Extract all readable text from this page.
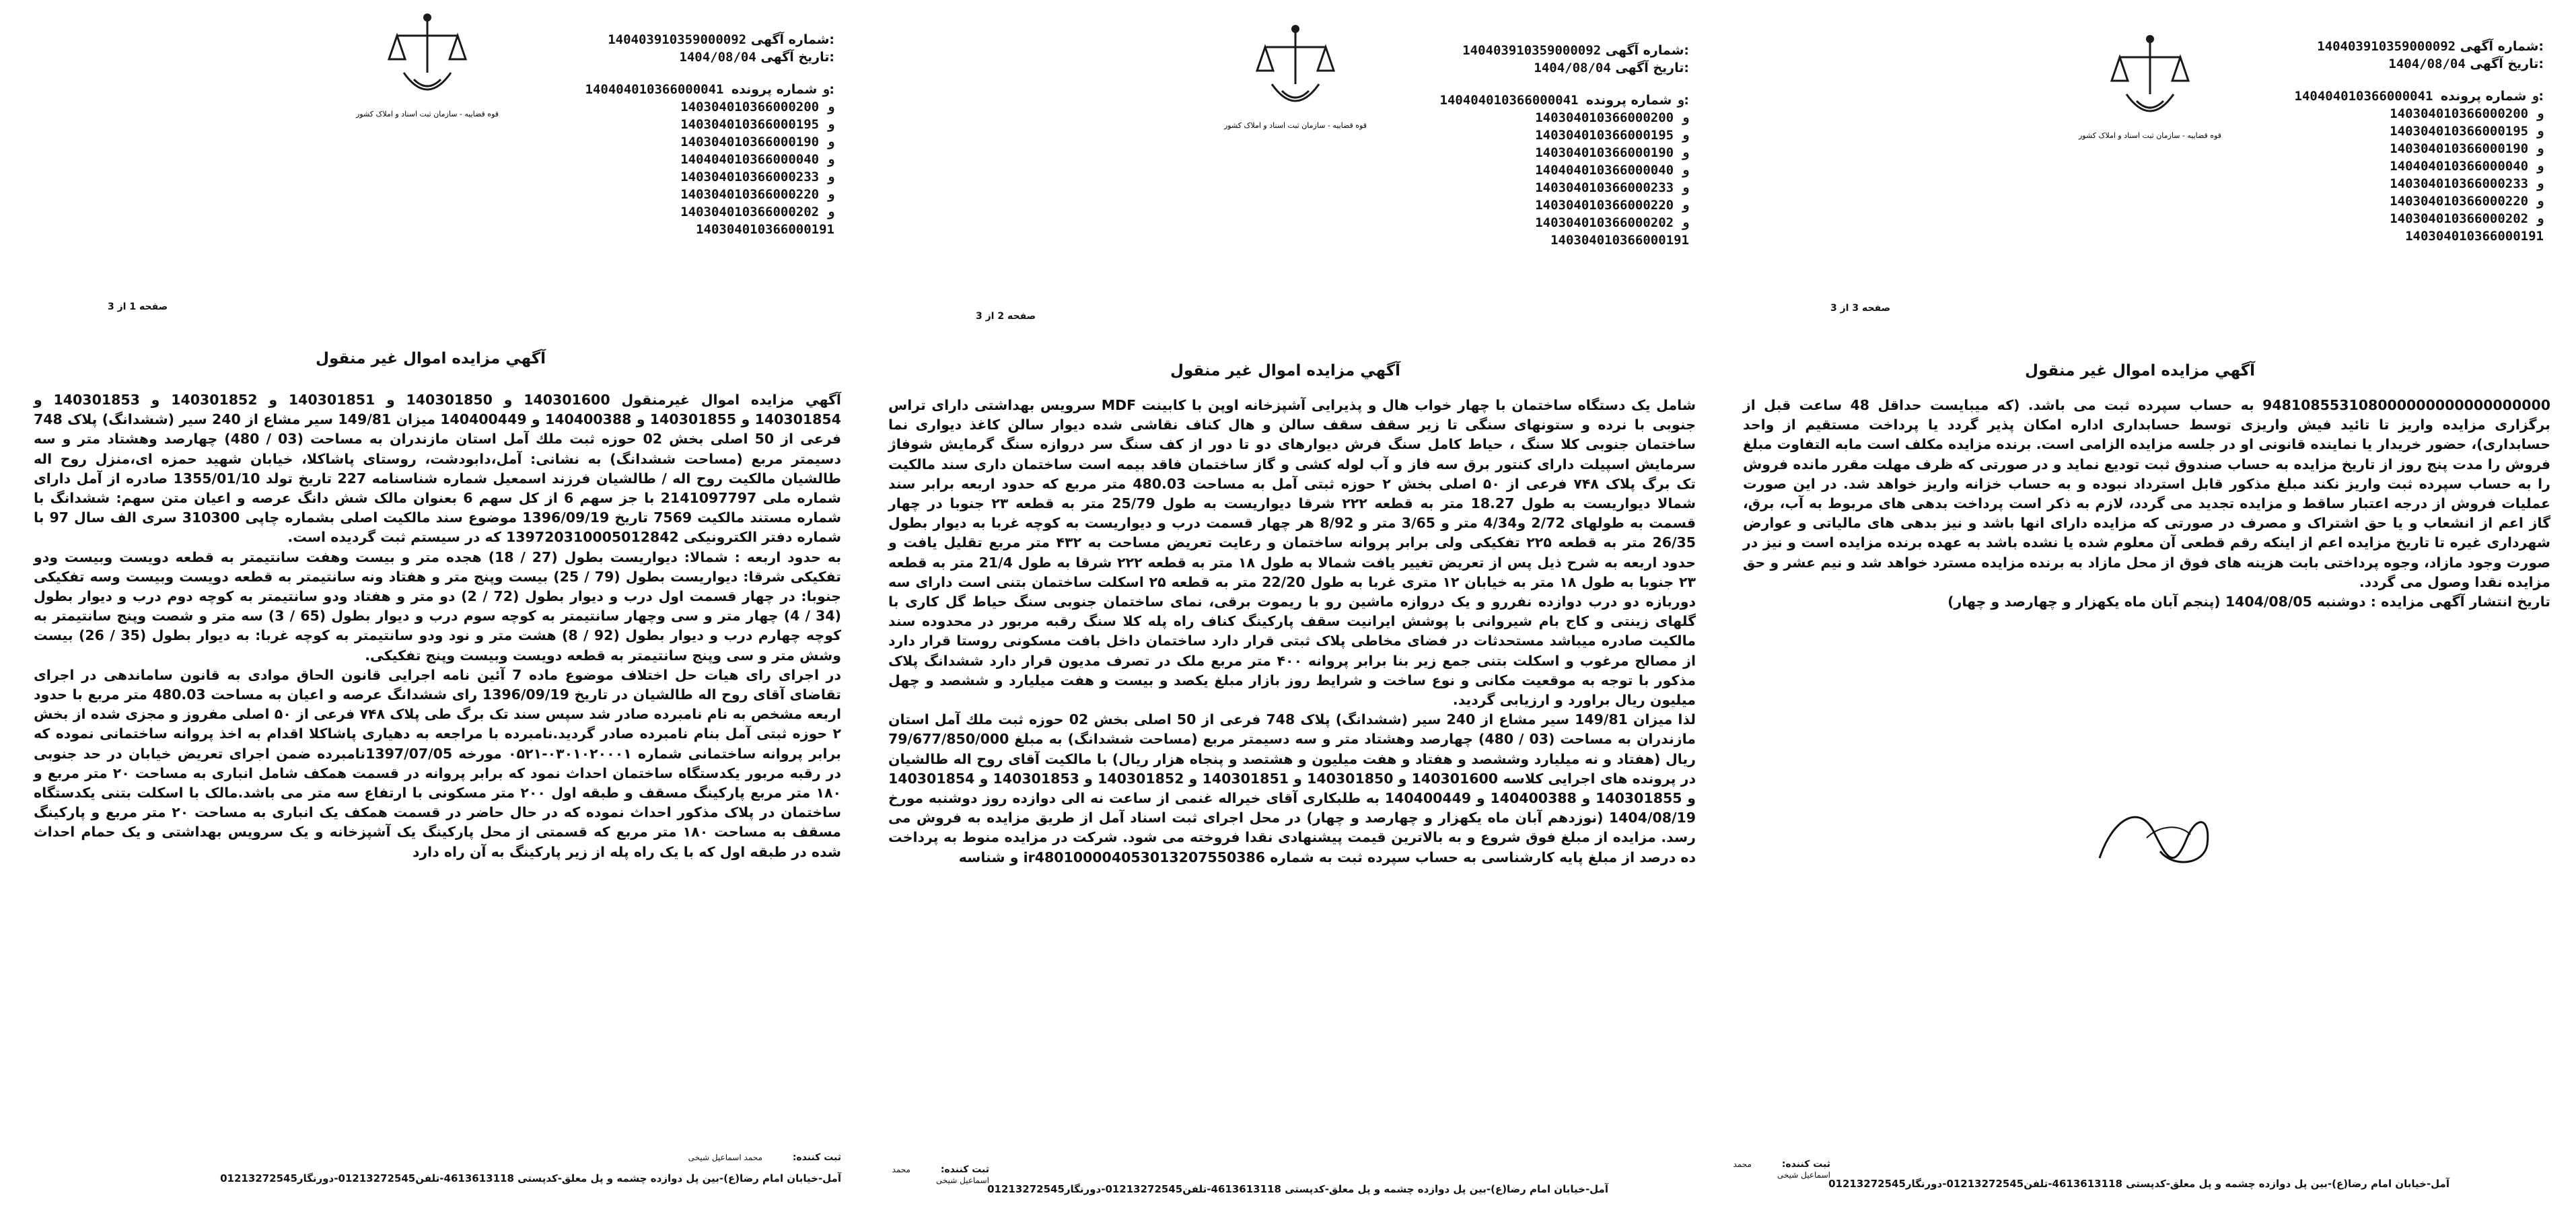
قوه قضاییه - سازمان ثبت اسناد و املاک کشور
140403910359000092 شماره آگهی:
1404/08/04 تاریخ آگهی:
140404010366000041 و شماره پرونده:
140304010366000200 و
140304010366000195 و
140304010366000190 و
140404010366000040 و
140304010366000233 و
140304010366000220 و
140304010366000202 و
140304010366000191
صفحه 1 از 3
آگهي مزايده اموال غير منقول

آگهي مزايده اموال غيرمنقول 140301600 و 140301850 و 140301851 و 140301852 و 140301853 و 140301854 و 140301855 و 140400388 و 140400449 ميزان 149/81 سير مشاع از 240 سير (ششدانگ) پلاک 748 فرعی از 50 اصلی بخش 02 حوزه ثبت ملك آمل استان مازندران به مساحت (03 / 480) چهارصد وهشتاد متر و سه دسیمتر مربع (مساحت ششدانگ) به نشانی: آمل،دابودشت، روستای پاشاكلا، خیابان شهید حمزه ای،منزل روح اله طالشیان مالکیت روح اله / طالشیان فرزند اسمعیل شماره شناسنامه 227 تاریخ تولد 1355/01/10 صادره از آمل دارای شماره ملی 2141097797 با جز سهم 6 از کل سهم 6 بعنوان مالک شش دانگ عرصه و اعیان متن سهم: ششدانگ با شماره مستند مالکیت 7569 تاریخ 1396/09/19 موضوع سند مالکیت اصلی بشماره چاپی 310300 سری الف سال 97 با شماره دفتر الکترونیکی 139720310005012842 که در سیستم ثبت گردیده است.

به حدود اربعه : شمالا: دیواریست بطول (27 / 18) هجده متر و بیست وهفت سانتیمتر به قطعه دویست وبیست ودو تفکیکی شرقا: دیواریست بطول (79 / 25) بیست وپنج متر و هفتاد ونه سانتیمتر به قطعه دویست وبیست وسه تفکیکی جنوبا: در چهار قسمت اول درب و دیوار بطول (72 / 2) دو متر و هفتاد ودو سانتیمتر به کوچه دوم درب و دیوار بطول (34 / 4) چهار متر و سی وچهار سانتیمتر به کوچه سوم درب و دیوار بطول (65 / 3) سه متر و شصت وپنج سانتیمتر به کوچه چهارم درب و دیوار بطول (92 / 8) هشت متر و نود ودو سانتیمتر به کوچه غربا: به دیوار بطول (35 / 26) بیست وشش متر و سی وپنج سانتیمتر به قطعه دویست وبیست وپنج تفکیکی.

در اجرای رای هیات حل اختلاف موضوع ماده 7 آئین نامه اجرایی قانون الحاق موادی به قانون ساماندهی در اجرای تقاضای آقای روح اله طالشیان در تاریخ 1396/09/19 رای ششدانگ عرصه و اعیان به مساحت 480.03 متر مربع با حدود اربعه مشخص به نام نامبرده صادر شد سپس سند تک برگ طی پلاک ۷۴۸ فرعی از ۵۰ اصلی مفروز و مجزی شده از بخش ۲ حوزه ثبتی آمل بنام نامبرده صادر گردید.نامبرده با مراجعه به دهیاری پاشاکلا اقدام به اخذ پروانه ساختمانی نموده که برابر پروانه ساختمانی شماره ۰۳۰۱۰۲۰۰۰۱-۰۵۲۱ مورخه 1397/07/05نامبرده ضمن اجرای تعریض خیابان در حد جنوبی در رقبه مربور یکدستگاه ساختمان احداث نمود که برابر پروانه در قسمت همکف شامل انباری به مساحت ۲۰ متر مربع و ۱۸۰ متر مربع پارکینگ مسقف و طبقه اول ۲۰۰ متر مسکونی با ارتفاع سه متر می باشد.مالک با اسکلت بتنی یکدستگاه ساختمان در پلاک مذکور احداث نموده که در حال حاضر در قسمت همکف یک انباری به مساحت ۲۰ متر مربع و پارکینگ مسقف به مساحت ۱۸۰ متر مربع که قسمتی از محل پارکینگ یک آشپزخانه و یک سرویس بهداشتی و یک حمام احداث شده در طبقه اول که با یک راه پله از زیر پارکینگ به آن راه دارد

ثبت کننده: محمد اسماعیل شیخی
آمل-خیابان امام رضا(ع)-بین پل دوازده چشمه و پل معلق-کدپستی 4613613118-تلفن01213272545-دورنگار01213272545
قوه قضاییه - سازمان ثبت اسناد و املاک کشور
140403910359000092 شماره آگهی:
1404/08/04 تاریخ آگهی:
140404010366000041 و شماره پرونده:
140304010366000200 و
140304010366000195 و
140304010366000190 و
140404010366000040 و
140304010366000233 و
140304010366000220 و
140304010366000202 و
140304010366000191
صفحه 2 از 3
آگهي مزايده اموال غير منقول

شامل یک دستگاه ساختمان با چهار خواب هال و پذیرایی آشپزخانه اوپن با کابینت MDF سرویس بهداشتی دارای تراس جنوبی با نرده و ستونهای سنگی تا زیر سقف سقف سالن و هال کناف نقاشی شده دیوار سالن کاغذ دیواری نما ساختمان جنوبی کلا سنگ ، حیاط کامل سنگ فرش دیوارهای دو تا دور از کف سنگ سر دروازه سنگ گرمایش شوفاژ سرمایش اسپیلت دارای کنتور برق سه فاز و آب لوله کشی و گاز ساختمان فاقد بیمه است ساختمان داری سند مالکیت تک برگ پلاک ۷۴۸ فرعی از ۵۰ اصلی بخش ۲ حوزه ثبتی آمل به مساحت 480.03 متر مربع که حدود اربعه برابر سند شمالا دیواریست به طول 18.27 متر به قطعه ۲۲۲ شرقا دیواریست به طول 25/79 متر به قطعه ۲۳ جنوبا در چهار قسمت به طولهای 2/72 و4/34 متر و 3/65 متر و 8/92 هر چهار قسمت درب و دیواریست به کوچه غربا به دیوار بطول 26/35 متر به قطعه ۲۲۵ تفکیکی ولی برابر پروانه ساختمان و رعایت تعریض مساحت به ۴۳۲ متر مربع تقلیل یافت و حدود اربعه به شرح ذیل پس از تعریض تغییر یافت شمالا به طول ۱۸ متر به قطعه ۲۲۲ شرقا به طول 21/4 متر به قطعه ۲۳ جنوبا به طول ۱۸ متر به خیابان ۱۲ متری غربا به طول 22/20 متر به قطعه ۲۵ اسکلت ساختمان بتنی است دارای سه دوربازه دو درب دوازده نفررو و یک دروازه ماشین رو با ریموت برقی، نمای ساختمان جنوبی سنگ حیاط گل کاری با گلهای زینتی و کاج بام شیروانی با پوشش ایرانیت سقف پارکینگ کناف راه پله کلا سنگ رقبه مربور در محدوده سند مالکیت صادره میباشد مستحدثات در فضای مخاطی پلاک ثبتی قرار دارد ساختمان داخل بافت مسکونی روستا قرار دارد از مصالح مرغوب و اسکلت بتنی جمع زیر بنا برابر پروانه ۴۰۰ متر مربع ملک در تصرف مدیون قرار دارد ششدانگ پلاک مذکور با توجه به موقعیت مکانی و نوع ساخت و شرایط روز بازار مبلغ یکصد و بیست و هفت میلیارد و ششصد و چهل میلیون ریال براورد و ارزیابی گردید.

لذا میزان 149/81 سیر مشاع از 240 سیر (ششدانگ) پلاک 748 فرعی از 50 اصلی بخش 02 حوزه ثبت ملك آمل استان مازندران به مساحت (03 / 480) چهارصد وهشتاد متر و سه دسیمتر مربع (مساحت ششدانگ) به مبلغ 79/677/850/000 ریال (هفتاد و نه میلیارد وششصد و هفتاد و هفت میلیون و هشتصد و پنجاه هزار ریال) با مالکیت آقای روح اله طالشیان در پرونده های اجرایی کلاسه 140301600 و 140301850 و 140301851 و 140301852 و 140301853 و 140301854 و 140301855 و 140400388 و 140400449 به طلبکاری آقای خیراله غنمی از ساعت نه الی دوازده روز دوشنبه مورخ 1404/08/19 (نوزدهم آبان ماه یکهزار و چهارصد و چهار) در محل اجرای ثبت اسناد آمل از طریق مزایده به فروش می رسد. مزایده از مبلغ فوق شروع و به بالاترین قیمت پیشنهادی نقدا فروخته می شود. شرکت در مزایده منوط به پرداخت ده درصد از مبلغ پایه کارشناسی به حساب سپرده ثبت به شماره ir480100004053013207550386 و شناسه

ثبت کننده: محمد اسماعیل شیخی
آمل-خیابان امام رضا(ع)-بین پل دوازده چشمه و پل معلق-کدپستی 4613613118-تلفن01213272545-دورنگار01213272545
قوه قضاییه - سازمان ثبت اسناد و املاک کشور
140403910359000092 شماره آگهی:
1404/08/04 تاریخ آگهی:
140404010366000041 و شماره پرونده:
140304010366000200 و
140304010366000195 و
140304010366000190 و
140404010366000040 و
140304010366000233 و
140304010366000220 و
140304010366000202 و
140304010366000191
صفحه 3 از 3
آگهي مزايده اموال غير منقول

948108553108000000000000000000 به حساب سپرده ثبت می باشد. (که میبایست حداقل 48 ساعت قبل از برگزاری مزایده واریز تا تائید فیش واریزی توسط حسابداری اداره امکان پذیر گردد یا پرداخت مستقیم از واحد حسابداری)، حضور خریدار یا نماینده قانونی او در جلسه مزایده الزامی است. برنده مزایده مکلف است مابه التفاوت مبلغ فروش را مدت پنج روز از تاریخ مزایده به حساب صندوق ثبت تودیع نماید و در صورتی که ظرف مهلت مقرر مانده فروش را به حساب سپرده ثبت واریز نکند مبلغ مذکور قابل استرداد نبوده و به حساب خزانه واریز خواهد شد. در این صورت عملیات فروش از درجه اعتبار ساقط و مزایده تجدید می گردد، لازم به ذکر است پرداخت بدهی های مربوط به آب، برق، گاز اعم از انشعاب و یا حق اشتراک و مصرف در صورتی که مزایده دارای انها باشد و نیز بدهی های مالیاتی و عوارض شهرداری غیره تا تاریخ مزایده اعم از اینکه رقم قطعی آن معلوم شده یا نشده باشد به عهده برنده مزایده است و نیز در صورت وجود مازاد، وجوه پرداختی بابت هزینه های فوق از محل مازاد به برنده مزایده مسترد خواهد شد و نیم عشر و حق مزایده نقدا وصول می گردد.

تاریخ انتشار آگهی مزایده : دوشنبه 1404/08/05 (پنجم آبان ماه یکهزار و چهارصد و چهار)

ثبت کننده: محمد اسماعیل شیخی
آمل-خیابان امام رضا(ع)-بین پل دوازده چشمه و پل معلق-کدپستی 4613613118-تلفن01213272545-دورنگار01213272545
